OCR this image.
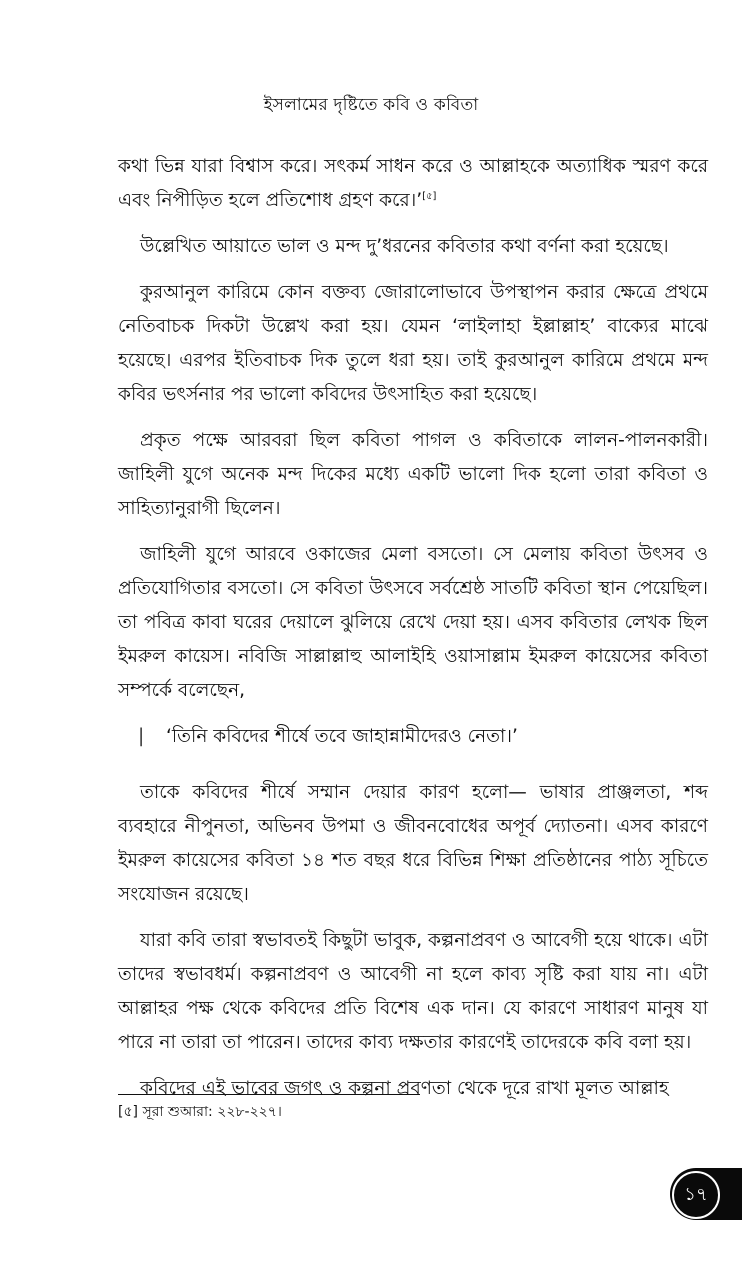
ইসলামের দৃষ্টিতে কবি ও কবিতা

কথা ভিন্ন যারা বিশ্বাস করে। সৎকর্ম সাধন করে ও আল্লাহকে অত্যাধিক স্মরণ করে এবং নিপীড়িত হলে প্রতিশোধ গ্রহণ করে।’[৫]

উল্লেখিত আয়াতে ভাল ও মন্দ দু’ধরনের কবিতার কথা বর্ণনা করা হয়েছে।

কুরআনুল কারিমে কোন বক্তব্য জোরালোভাবে উপস্থাপন করার ক্ষেত্রে প্রথমে নেতিবাচক দিকটা উল্লেখ করা হয়। যেমন ‘লাইলাহা ইল্লাল্লাহ’ বাক্যের মাঝে হয়েছে। এরপর ইতিবাচক দিক তুলে ধরা হয়। তাই কুরআনুল কারিমে প্রথমে মন্দ কবির ভৎর্সনার পর ভালো কবিদের উৎসাহিত করা হয়েছে।

প্রকৃত পক্ষে আরবরা ছিল কবিতা পাগল ও কবিতাকে লালন-পালনকারী। জাহিলী যুগে অনেক মন্দ দিকের মধ্যে একটি ভালো দিক হলো তারা কবিতা ও সাহিত্যানুরাগী ছিলেন।

জাহিলী যুগে আরবে ওকাজের মেলা বসতো। সে মেলায় কবিতা উৎসব ও প্রতিযোগিতার বসতো। সে কবিতা উৎসবে সর্বশ্রেষ্ঠ সাতটি কবিতা স্থান পেয়েছিল। তা পবিত্র কাবা ঘরের দেয়ালে ঝুলিয়ে রেখে দেয়া হয়। এসব কবিতার লেখক ছিল ইমরুল কায়েস। নবিজি সাল্লাল্লাহু আলাইহি ওয়াসাল্লাম ইমরুল কায়েসের কবিতা সম্পর্কে বলেছেন,

|	‘তিনি কবিদের শীর্ষে তবে জাহান্নামীদেরও নেতা।’

তাকে কবিদের শীর্ষে সম্মান দেয়ার কারণ হলো— ভাষার প্রাঞ্জলতা, শব্দ ব্যবহারে নীপুনতা, অভিনব উপমা ও জীবনবোধের অপূর্ব দ্যোতনা। এসব কারণে ইমরুল কায়েসের কবিতা ১৪ শত বছর ধরে বিভিন্ন শিক্ষা প্রতিষ্ঠানের পাঠ্য সূচিতে সংযোজন রয়েছে।

যারা কবি তারা স্বভাবতই কিছুটা ভাবুক, কল্পনাপ্রবণ ও আবেগী হয়ে থাকে। এটা তাদের স্বভাবধর্ম। কল্পনাপ্রবণ ও আবেগী না হলে কাব্য সৃষ্টি করা যায় না। এটা আল্লাহর পক্ষ থেকে কবিদের প্রতি বিশেষ এক দান। যে কারণে সাধারণ মানুষ যা পারে না তারা তা পারেন। তাদের কাব্য দক্ষতার কারণেই তাদেরকে কবি বলা হয়।

কবিদের এই ভাবের জগৎ ও কল্পনা প্রবণতা থেকে দূরে রাখা মূলত আল্লাহ

[৫] সূরা শুআরা: ২২৮-২২৭।
১৭
